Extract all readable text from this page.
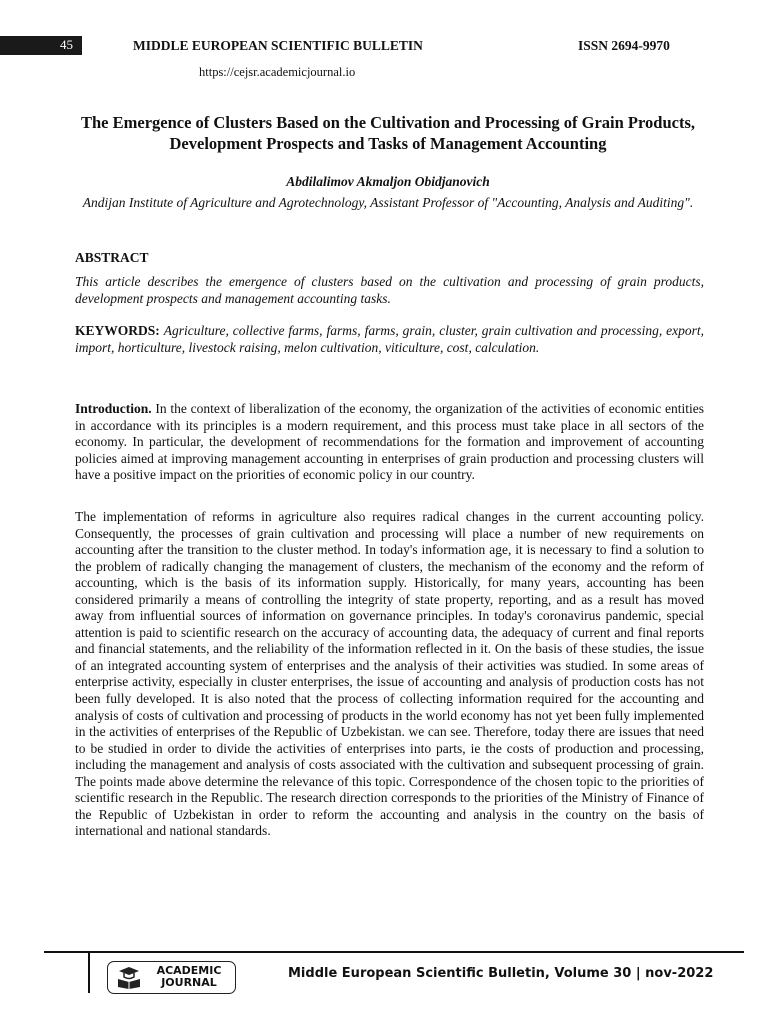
45	MIDDLE EUROPEAN SCIENTIFIC BULLETIN	ISSN 2694-9970
https://cejsr.academicjournal.io
The Emergence of Clusters Based on the Cultivation and Processing of Grain Products, Development Prospects and Tasks of Management Accounting
Abdilalimov Akmaljon Obidjanovich
Andijan Institute of Agriculture and Agrotechnology, Assistant Professor of "Accounting, Analysis and Auditing".
ABSTRACT

This article describes the emergence of clusters based on the cultivation and processing of grain products, development prospects and management accounting tasks.

KEYWORDS: Agriculture, collective farms, farms, farms, grain, cluster, grain cultivation and processing, export, import, horticulture, livestock raising, melon cultivation, viticulture, cost, calculation.

Introduction. In the context of liberalization of the economy, the organization of the activities of economic entities in accordance with its principles is a modern requirement, and this process must take place in all sectors of the economy. In particular, the development of recommendations for the formation and improvement of accounting policies aimed at improving management accounting in enterprises of grain production and processing clusters will have a positive impact on the priorities of economic policy in our country.

The implementation of reforms in agriculture also requires radical changes in the current accounting policy. Consequently, the processes of grain cultivation and processing will place a number of new requirements on accounting after the transition to the cluster method. In today's information age, it is necessary to find a solution to the problem of radically changing the management of clusters, the mechanism of the economy and the reform of accounting, which is the basis of its information supply. Historically, for many years, accounting has been considered primarily a means of controlling the integrity of state property, reporting, and as a result has moved away from influential sources of information on governance principles. In today's coronavirus pandemic, special attention is paid to scientific research on the accuracy of accounting data, the adequacy of current and final reports and financial statements, and the reliability of the information reflected in it. On the basis of these studies, the issue of an integrated accounting system of enterprises and the analysis of their activities was studied. In some areas of enterprise activity, especially in cluster enterprises, the issue of accounting and analysis of production costs has not been fully developed. It is also noted that the process of collecting information required for the accounting and analysis of costs of cultivation and processing of products in the world economy has not yet been fully implemented in the activities of enterprises of the Republic of Uzbekistan. we can see. Therefore, today there are issues that need to be studied in order to divide the activities of enterprises into parts, ie the costs of production and processing, including the management and analysis of costs associated with the cultivation and subsequent processing of grain. The points made above determine the relevance of this topic. Correspondence of the chosen topic to the priorities of scientific research in the Republic. The research direction corresponds to the priorities of the Ministry of Finance of the Republic of Uzbekistan in order to reform the accounting and analysis in the country on the basis of international and national standards.

ACADEMIC
JOURNAL
Middle European Scientific Bulletin, Volume 30 | nov-2022
